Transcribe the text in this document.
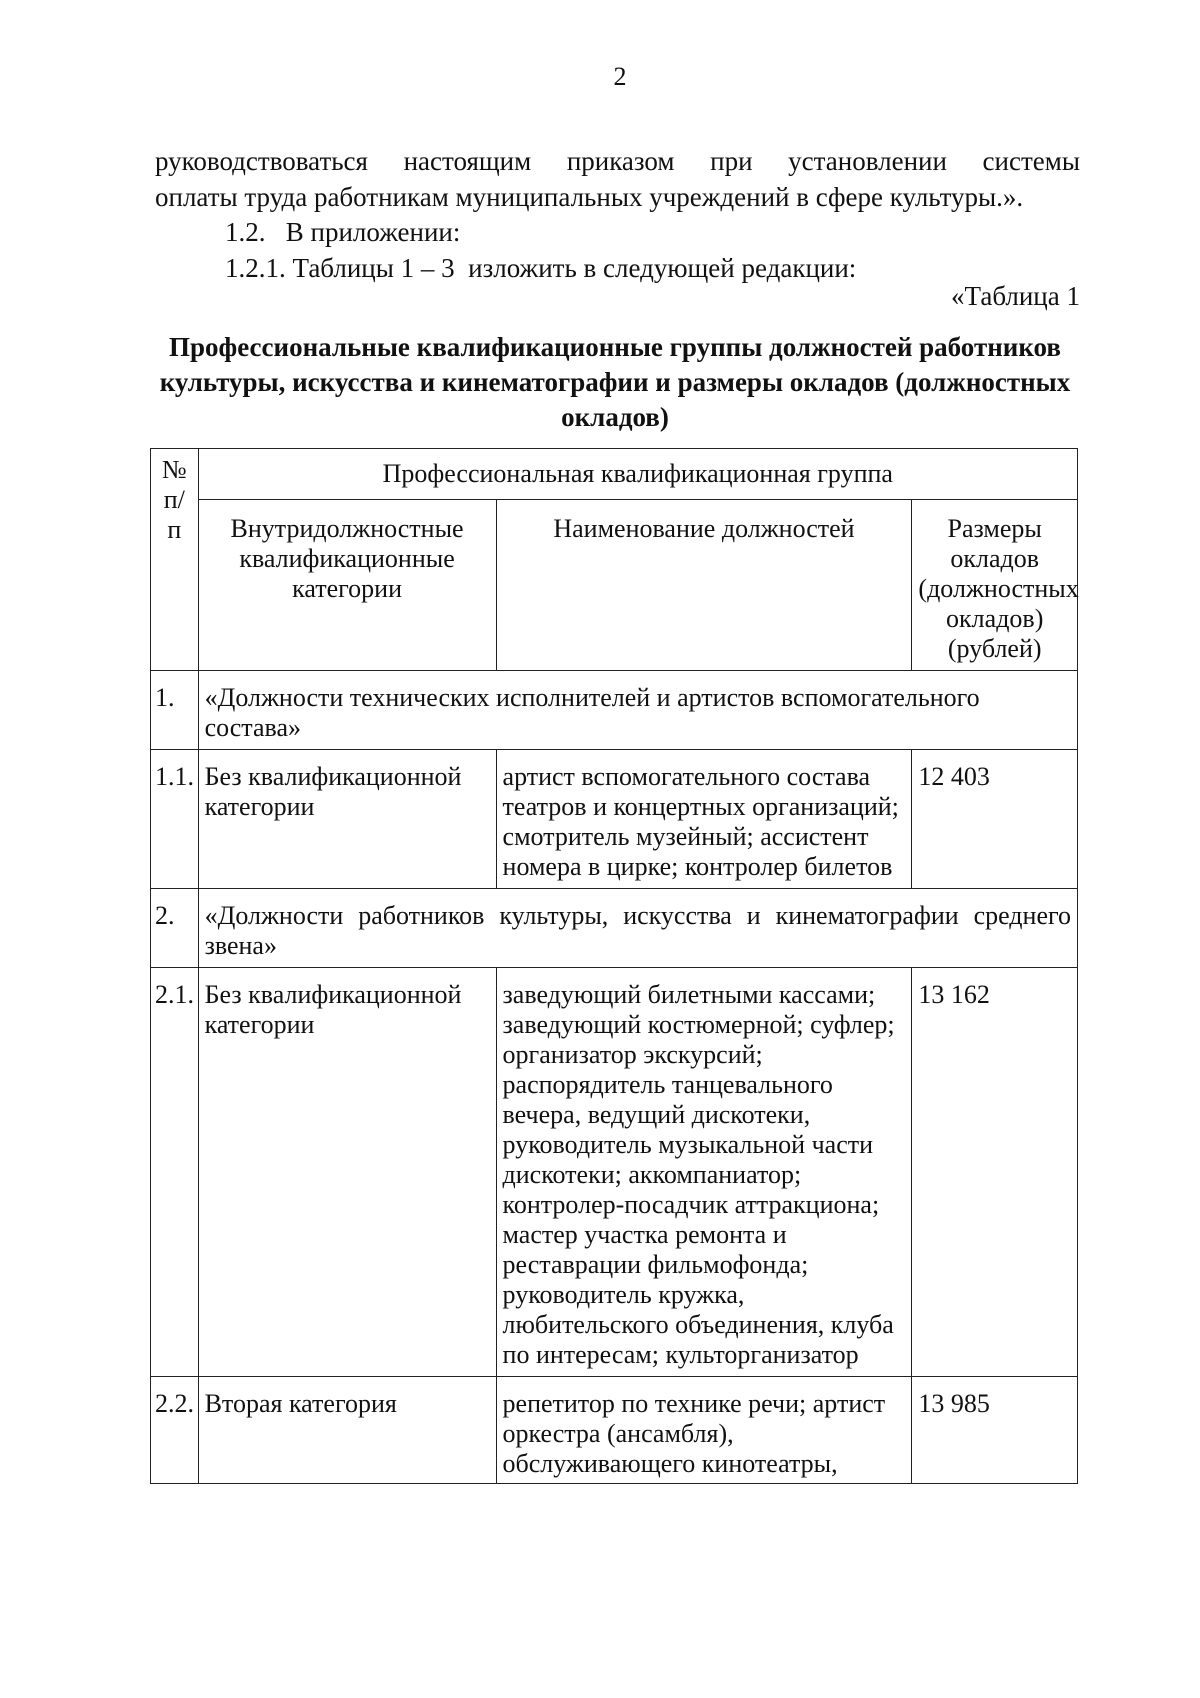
2
руководствоваться настоящим приказом при установлении системы
оплаты труда работникам муниципальных учреждений в сфере культуры.».
1.2.   В приложении:
1.2.1. Таблицы 1 – 3  изложить в следующей редакции:
«Таблица 1
Профессиональные квалификационные группы должностей работников культуры, искусства и кинематографии и размеры окладов (должностных окладов)
№ п/п	Профессиональная квалификационная группа		
	Внутридолжностные квалификационные категории	Наименование должностей	Размеры окладов (должностных окладов) (рублей)
1.	«Должности технических исполнителей и артистов вспомогательного состава»		
1.1.	Без квалификационной категории	артист вспомогательного состава театров и концертных организаций; смотритель музейный; ассистент номера в цирке; контролер билетов	12 403
2.	«Должности работников культуры, искусства и кинематографии среднего звена»		
2.1.	Без квалификационной категории	заведующий билетными кассами; заведующий костюмерной; суфлер; организатор экскурсий; распорядитель танцевального вечера, ведущий дискотеки, руководитель музыкальной части дискотеки; аккомпаниатор; контролер-посадчик аттракциона; мастер участка ремонта и реставрации фильмофонда; руководитель кружка, любительского объединения, клуба по интересам; культорганизатор	13 162
2.2.	Вторая категория	репетитор по технике речи; артист оркестра (ансамбля), обслуживающего кинотеатры,	13 985
